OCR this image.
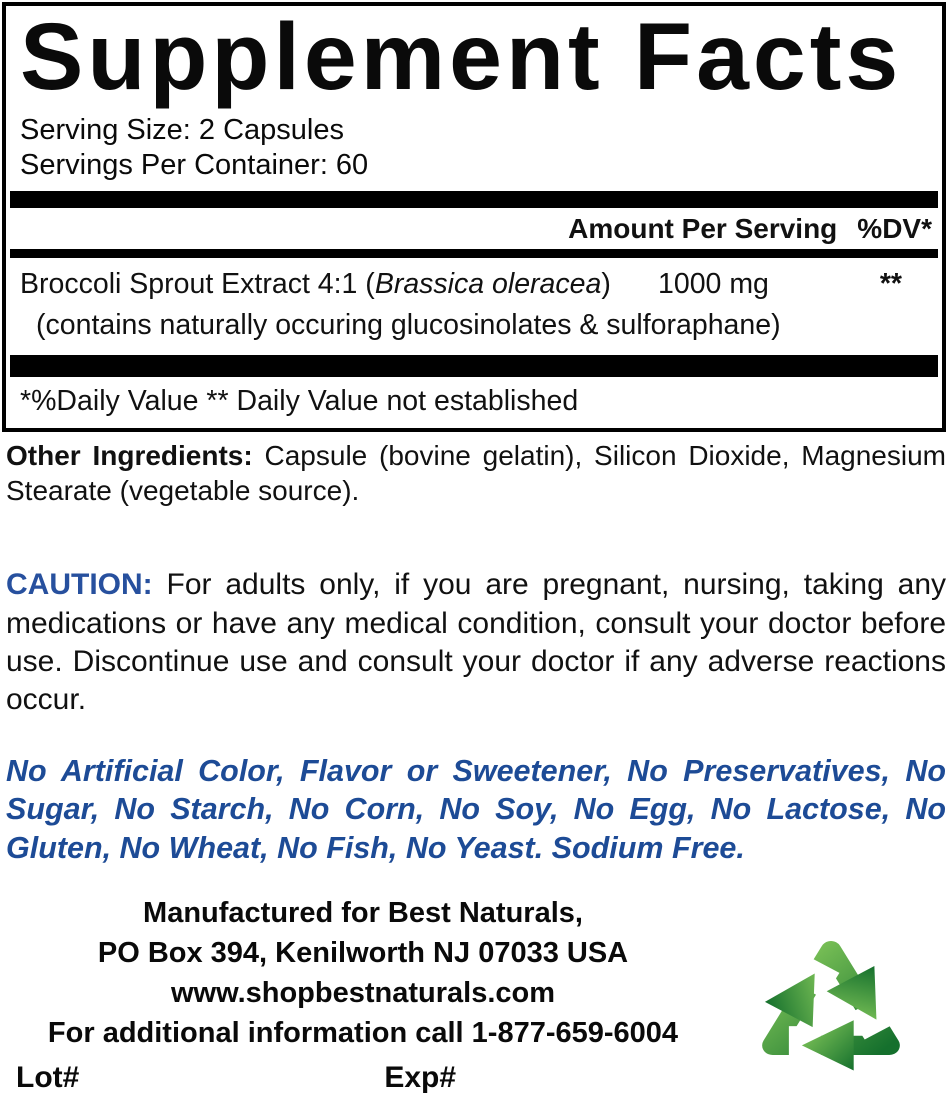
Supplement Facts
Serving Size: 2 Capsules
Servings Per Container: 60
Amount Per Serving %DV*
Broccoli Sprout Extract 4:1 (Brassica oleracea)	1000 mg	**
(contains naturally occuring glucosinolates & sulforaphane)
*%Daily Value ** Daily Value not established

Other Ingredients: Capsule (bovine gelatin), Silicon Dioxide, Magnesium Stearate (vegetable source).

CAUTION: For adults only, if you are pregnant, nursing, taking any medications or have any medical condition, consult your doctor before use. Discontinue use and consult your doctor if any adverse reactions occur.

No Artificial Color, Flavor or Sweetener, No Preservatives, No Sugar, No Starch, No Corn, No Soy, No Egg, No Lactose, No Gluten, No Wheat, No Fish, No Yeast. Sodium Free.

Manufactured for Best Naturals,
PO Box 394, Kenilworth NJ 07033 USA
www.shopbestnaturals.com
For additional information call 1-877-659-6004
Lot#	Exp#
